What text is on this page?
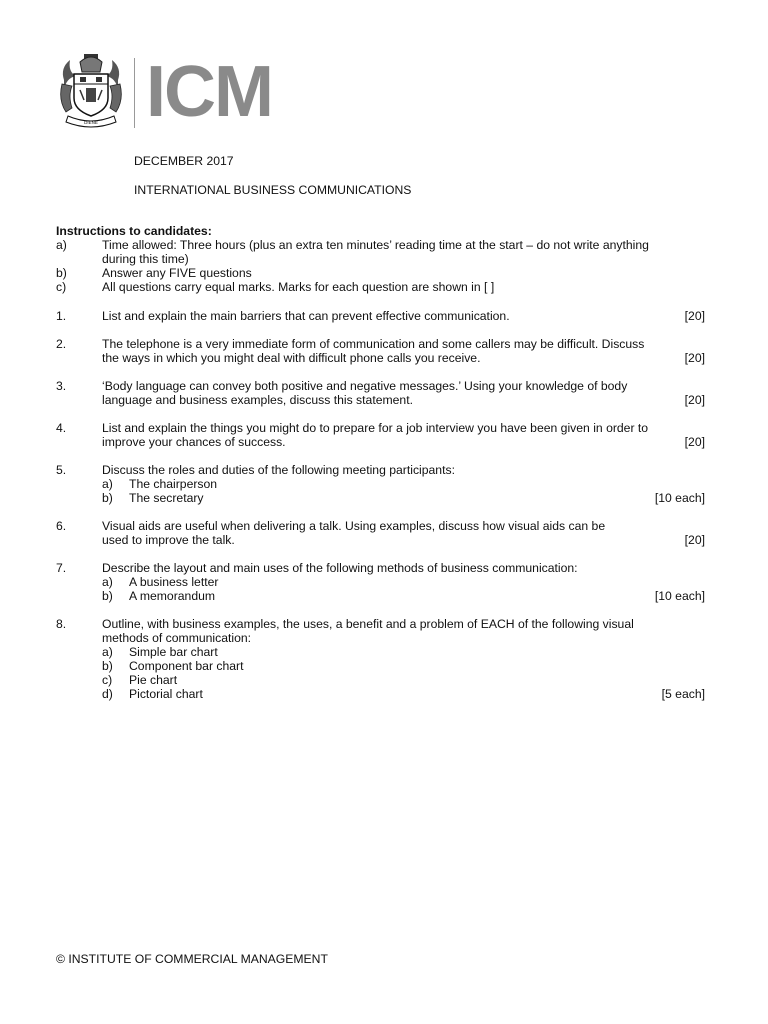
DIENE ICM
DECEMBER 2017
INTERNATIONAL BUSINESS COMMUNICATIONS
Instructions to candidates:
a)	Time allowed: Three hours (plus an extra ten minutes’ reading time at the start – do not write anything
during this time)
b)	Answer any FIVE questions
c)	All questions carry equal marks. Marks for each question are shown in [ ]
1.	List and explain the main barriers that can prevent effective communication.	[20]
2.	The telephone is a very immediate form of communication and some callers may be difficult. Discuss
the ways in which you might deal with difficult phone calls you receive.	[20]
3.	‘Body language can convey both positive and negative messages.’ Using your knowledge of body
language and business examples, discuss this statement.	[20]
4.	List and explain the things you might do to prepare for a job interview you have been given in order to
improve your chances of success.	[20]
5.	Discuss the roles and duties of the following meeting participants:
a) The chairperson
b) The secretary	[10 each]
6.	Visual aids are useful when delivering a talk. Using examples, discuss how visual aids can be
used to improve the talk.	[20]
7.	Describe the layout and main uses of the following methods of business communication:
a) A business letter
b) A memorandum	[10 each]
8.	Outline, with business examples, the uses, a benefit and a problem of EACH of the following visual
methods of communication:
a) Simple bar chart
b) Component bar chart
c) Pie chart
d) Pictorial chart	[5 each]
© INSTITUTE OF COMMERCIAL MANAGEMENT
